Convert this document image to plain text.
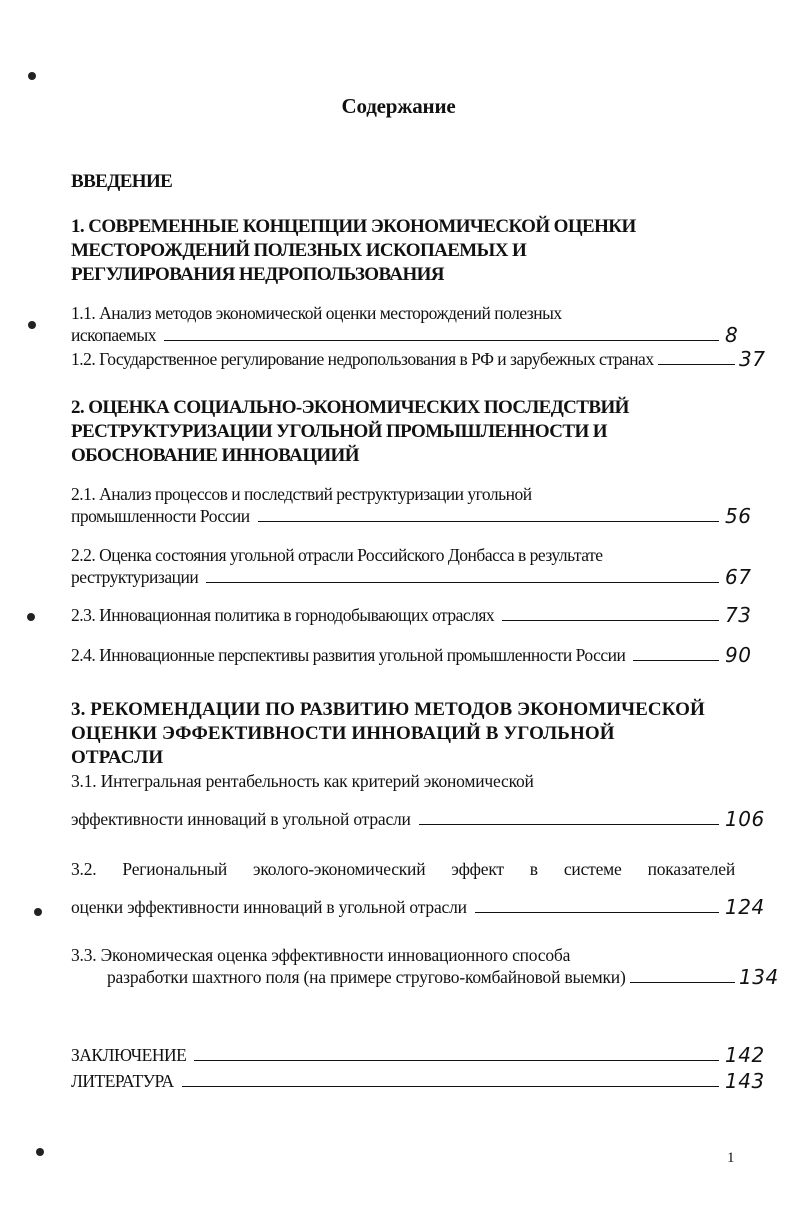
Содержание
ВВЕДЕНИЕ
1. СОВРЕМЕННЫЕ КОНЦЕПЦИИ ЭКОНОМИЧЕСКОЙ ОЦЕНКИ
МЕСТОРОЖДЕНИЙ ПОЛЕЗНЫХ ИСКОПАЕМЫХ И
РЕГУЛИРОВАНИЯ НЕДРОПОЛЬЗОВАНИЯ
1.1. Анализ методов экономической оценки месторождений полезных
ископаемых	8
1.2. Государственное регулирование недропользования в РФ и зарубежных странах	37
2. ОЦЕНКА СОЦИАЛЬНО-ЭКОНОМИЧЕСКИХ ПОСЛЕДСТВИЙ
РЕСТРУКТУРИЗАЦИИ УГОЛЬНОЙ ПРОМЫШЛЕННОСТИ И
ОБОСНОВАНИЕ ИННОВАЦИИЙ
2.1. Анализ процессов и последствий реструктуризации угольной
промышленности России	56
2.2. Оценка состояния угольной отрасли Российского Донбасса в результате
реструктуризации	67
2.3. Инновационная политика в горнодобывающих отраслях	73
2.4. Инновационные перспективы развития угольной промышленности России	90
3. РЕКОМЕНДАЦИИ ПО РАЗВИТИЮ МЕТОДОВ ЭКОНОМИЧЕСКОЙ
ОЦЕНКИ ЭФФЕКТИВНОСТИ ИННОВАЦИЙ В УГОЛЬНОЙ
ОТРАСЛИ
3.1. Интегральная рентабельность как критерий экономической
эффективности инноваций в угольной отрасли	106
3.2. Региональный эколого-экономический эффект в системе показателей
оценки эффективности инноваций в угольной отрасли	124
3.3. Экономическая оценка эффективности инновационного способа
разработки шахтного поля (на примере стругово-комбайновой выемки)	134
ЗАКЛЮЧЕНИЕ	142
ЛИТЕРАТУРА	143
1
